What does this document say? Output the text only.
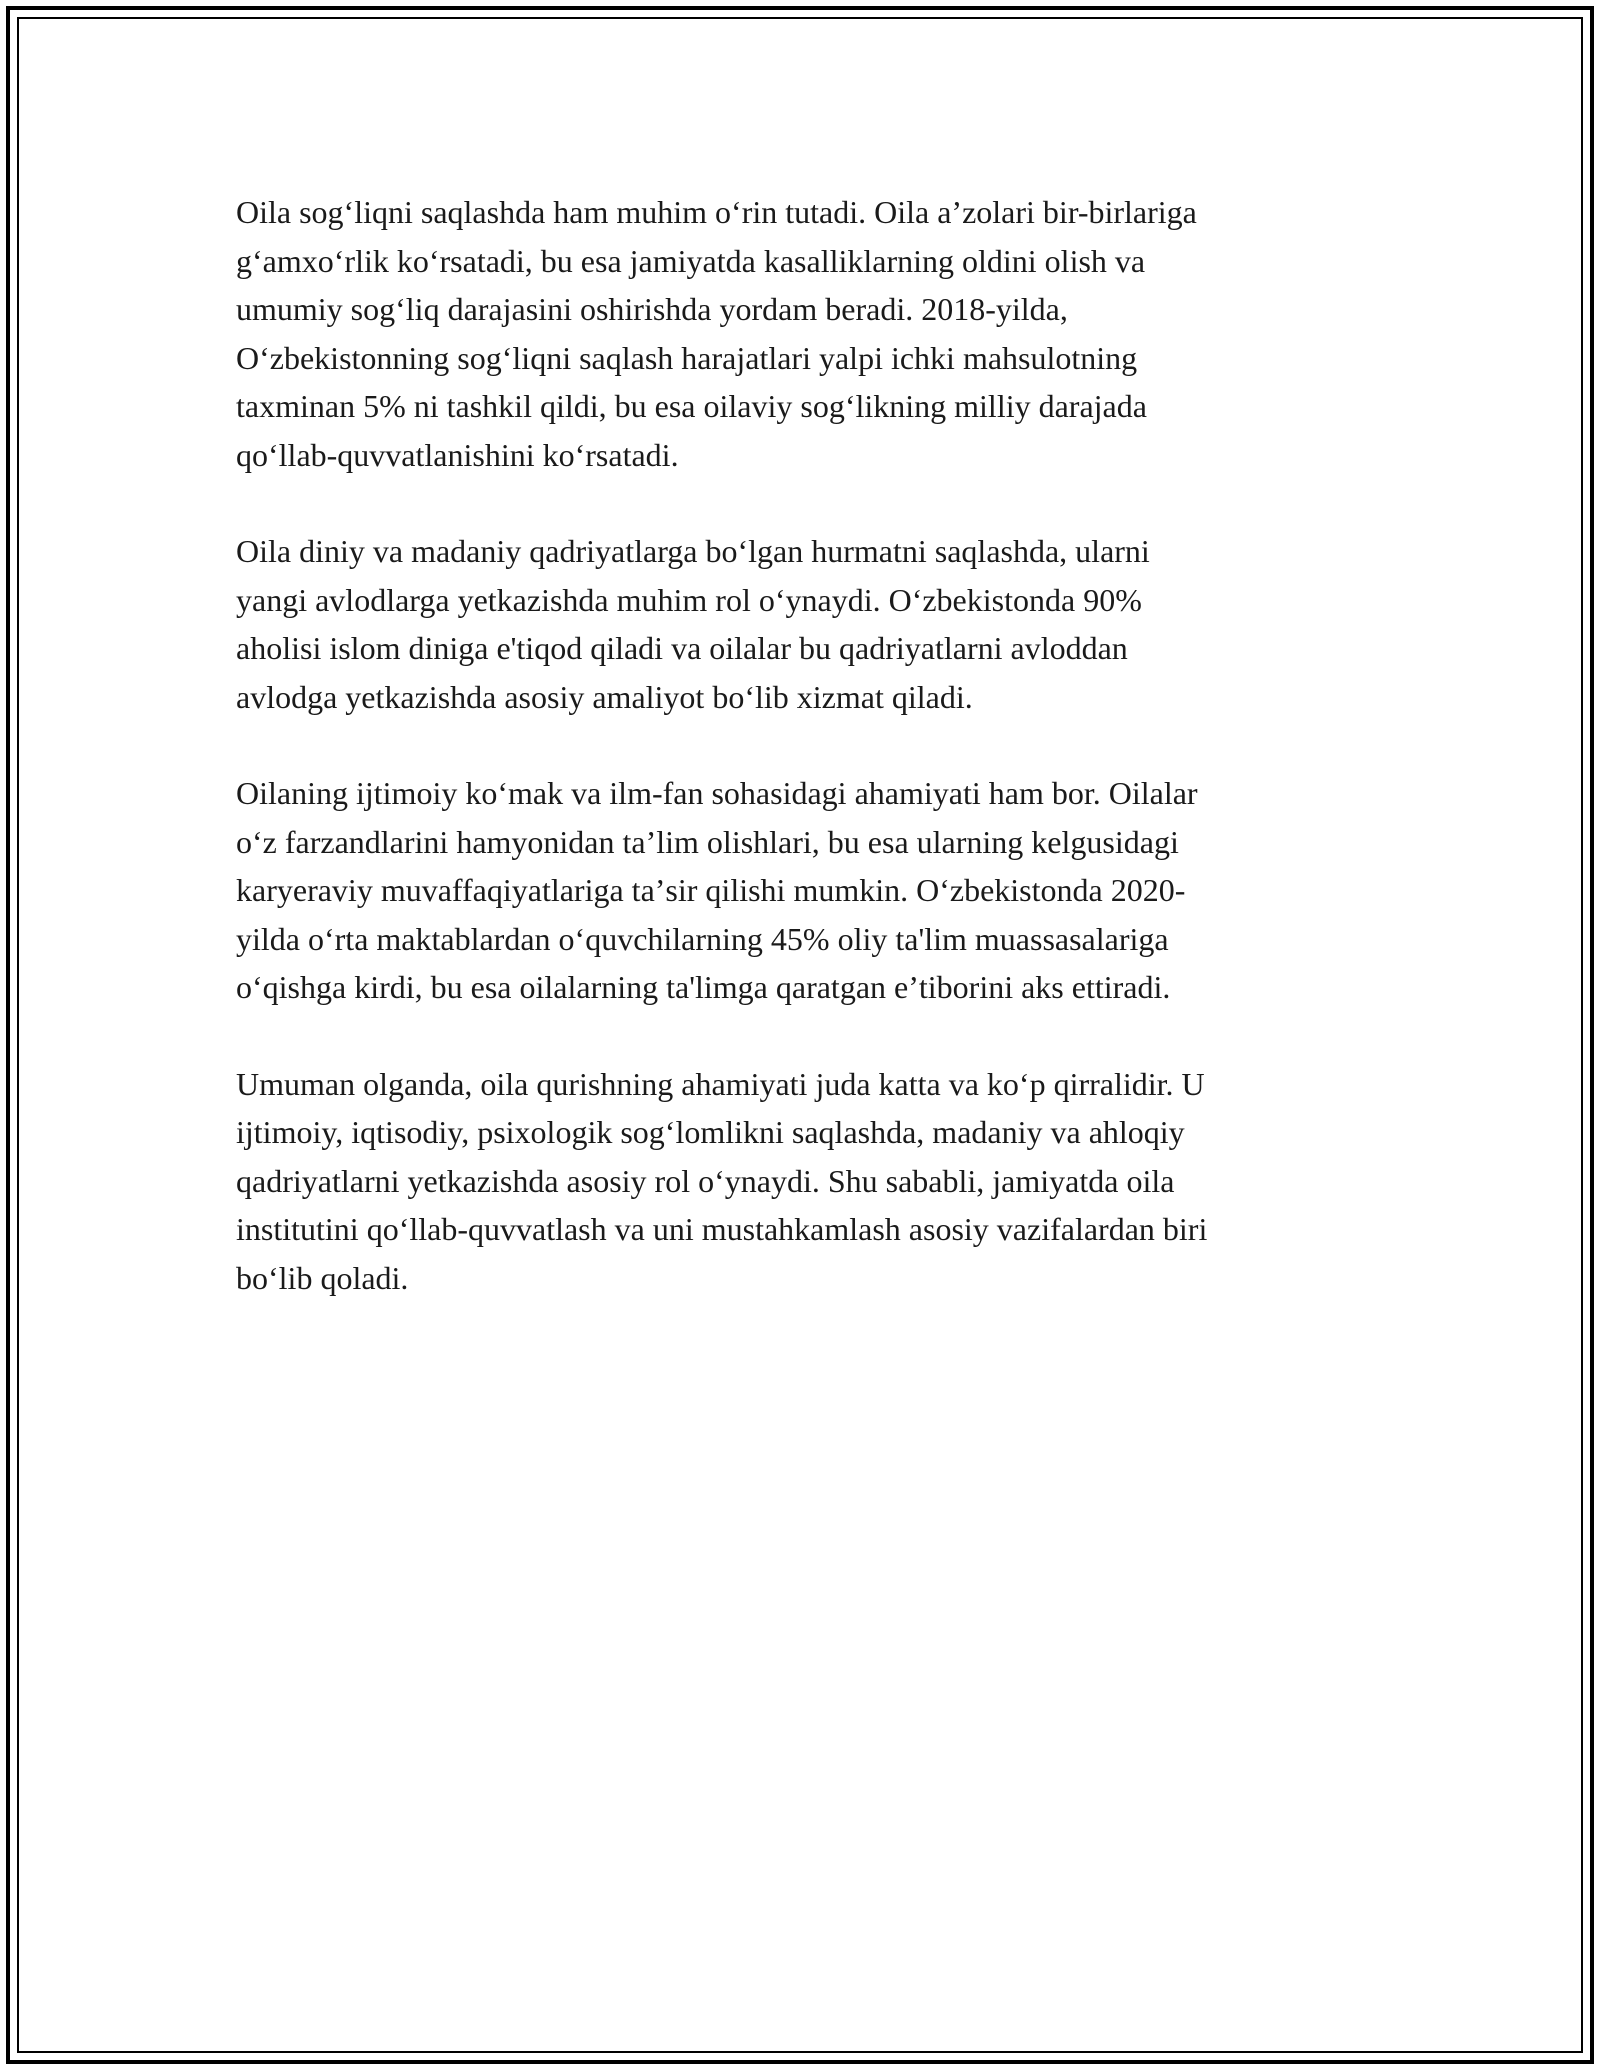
Oila sogʻliqni saqlashda ham muhim oʻrin tutadi. Oila aʼzolari bir-birlariga
gʻamxoʻrlik koʻrsatadi, bu esa jamiyatda kasalliklarning oldini olish va
umumiy sogʻliq darajasini oshirishda yordam beradi. 2018-yilda,
Oʻzbekistonning sogʻliqni saqlash harajatlari yalpi ichki mahsulotning
taxminan 5% ni tashkil qildi, bu esa oilaviy sogʻlikning milliy darajada
qoʻllab-quvvatlanishini koʻrsatadi.

Oila diniy va madaniy qadriyatlarga boʻlgan hurmatni saqlashda, ularni
yangi avlodlarga yetkazishda muhim rol oʻynaydi. Oʻzbekistonda 90%
aholisi islom diniga e'tiqod qiladi va oilalar bu qadriyatlarni avloddan
avlodga yetkazishda asosiy amaliyot boʻlib xizmat qiladi.

Oilaning ijtimoiy koʻmak va ilm-fan sohasidagi ahamiyati ham bor. Oilalar
oʻz farzandlarini hamyonidan taʼlim olishlari, bu esa ularning kelgusidagi
karyeraviy muvaffaqiyatlariga taʼsir qilishi mumkin. Oʻzbekistonda 2020-
yilda oʻrta maktablardan oʻquvchilarning 45% oliy ta'lim muassasalariga
oʻqishga kirdi, bu esa oilalarning ta'limga qaratgan eʼtiborini aks ettiradi.

Umuman olganda, oila qurishning ahamiyati juda katta va koʻp qirralidir. U
ijtimoiy, iqtisodiy, psixologik sogʻlomlikni saqlashda, madaniy va ahloqiy
qadriyatlarni yetkazishda asosiy rol oʻynaydi. Shu sababli, jamiyatda oila
institutini qoʻllab-quvvatlash va uni mustahkamlash asosiy vazifalardan biri
boʻlib qoladi.
